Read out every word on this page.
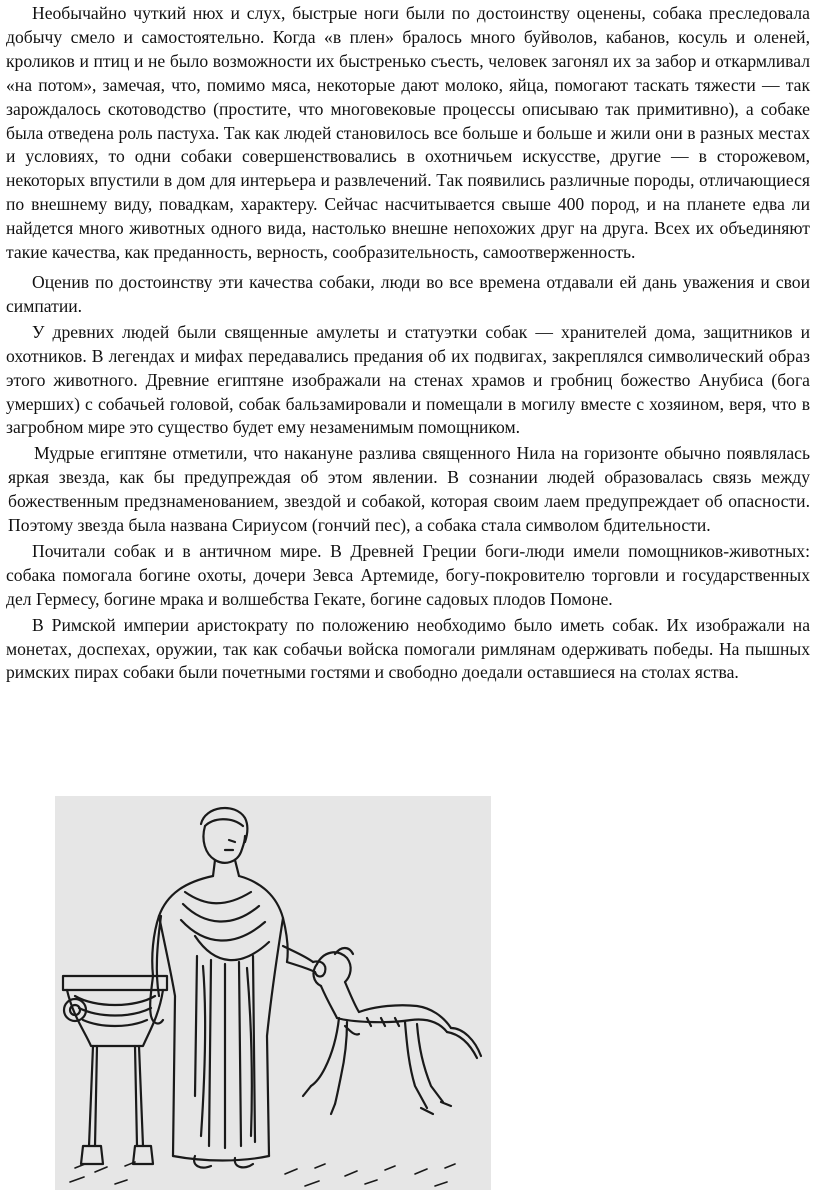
Необычайно чуткий нюх и слух, быстрые ноги были по достоинству оценены, собака преследовала добычу смело и самостоятельно. Когда «в плен» бралось много буйволов, кабанов, косуль и оленей, кроликов и птиц и не было возможности их быстренько съесть, человек загонял их за забор и откармливал «на потом», замечая, что, помимо мяса, некоторые дают молоко, яйца, помогают таскать тяжести — так зарождалось скотоводство (простите, что многовековые процессы описываю так примитивно), а собаке была отведена роль пастуха. Так как людей становилось все больше и больше и жили они в разных местах и условиях, то одни собаки совершенствовались в охотничьем искусстве, другие — в сторожевом, некоторых впустили в дом для интерьера и развлечений. Так появились различные породы, отличающиеся по внешнему виду, повадкам, характеру. Сейчас насчитывается свыше 400 пород, и на планете едва ли найдется много животных одного вида, настолько внешне непохожих друг на друга. Всех их объединяют такие качества, как преданность, верность, сообразительность, самоотверженность.

Оценив по достоинству эти качества собаки, люди во все времена отдавали ей дань уважения и свои симпатии.

У древних людей были священные амулеты и статуэтки собак — хранителей дома, защитников и охотников. В легендах и мифах передавались предания об их подвигах, закреплялся символический образ этого животного. Древние египтяне изображали на стенах храмов и гробниц божество Анубиса (бога умерших) с собачьей головой, собак бальзамировали и помещали в могилу вместе с хозяином, веря, что в загробном мире это существо будет ему незаменимым помощником.

Мудрые египтяне отметили, что накануне разлива священного Нила на горизонте обычно появлялась яркая звезда, как бы предупреждая об этом явлении. В сознании людей образовалась связь между божественным предзнаменованием, звездой и собакой, которая своим лаем предупреждает об опасности. Поэтому звезда была названа Сириусом (гончий пес), а собака стала символом бдительности.

Почитали собак и в античном мире. В Древней Греции боги-люди имели помощников-животных: собака помогала богине охоты, дочери Зевса Артемиде, богу-покровителю торговли и государственных дел Гермесу, богине мрака и волшебства Гекате, богине садовых плодов Помоне.

В Римской империи аристократу по положению необходимо было иметь собак. Их изображали на монетах, доспехах, оружии, так как собачьи войска помогали римлянам одерживать победы. На пышных римских пирах собаки были почетными гостями и свободно доедали оставшиеся на столах яства.
